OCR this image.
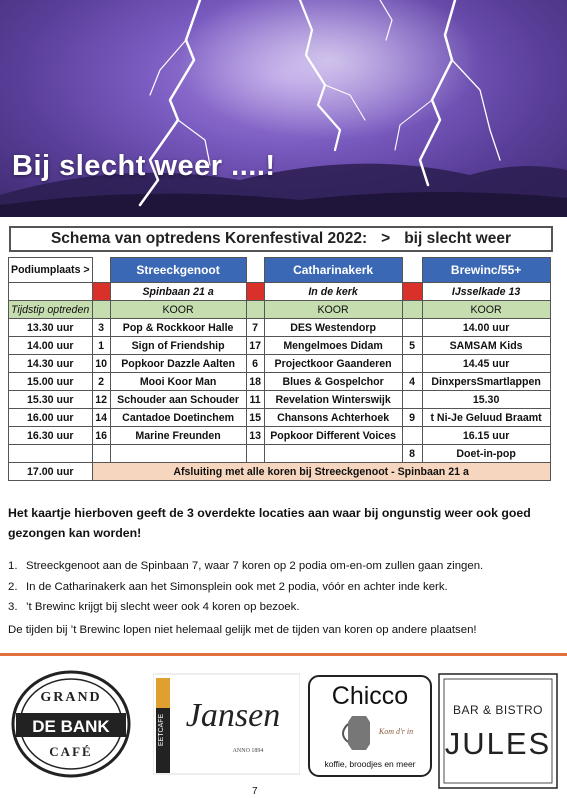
Bij slecht weer ....!
Schema van optredens Korenfestival 2022: > bij slecht weer
Podiumplaats >		Streeckgenoot		Catharinakerk		Brewinc/55+
		Spinbaan 21 a		In de kerk		IJsselkade 13
Tijdstip optreden		KOOR		KOOR		KOOR
13.30 uur	3	Pop & Rockkoor Halle	7	DES Westendorp		14.00 uur
14.00 uur	1	Sign of Friendship	17	Mengelmoes Didam	5	SAMSAM Kids
14.30 uur	10	Popkoor Dazzle Aalten	6	Projectkoor Gaanderen		14.45 uur
15.00 uur	2	Mooi Koor Man	18	Blues & Gospelchor	4	DinxpersSmartlappen
15.30 uur	12	Schouder aan Schouder	11	Revelation Winterswijk		15.30
16.00 uur	14	Cantadoe Doetinchem	15	Chansons Achterhoek	9	t Ni-Je Geluud Braamt
16.30 uur	16	Marine Freunden	13	Popkoor Different Voices		16.15 uur
					8	Doet-in-pop
17.00 uur	Afsluiting met alle koren bij Streeckgenoot - Spinbaan 21 a					
Het kaartje hierboven geeft de 3 overdekte locaties aan waar bij ongunstig weer ook goed gezongen kan worden!
1. Streeckgenoot aan de Spinbaan 7, waar 7 koren op 2 podia om-en-om zullen gaan zingen.
2. In de Catharinakerk aan het Simonsplein ook met 2 podia, vóór en achter inde kerk.
3. ’t Brewinc krijgt bij slecht weer ook 4 koren op bezoek.
De tijden bij ’t Brewinc lopen niet helemaal gelijk met de tijden van koren op andere plaatsen!
GRAND
DE BANK
CAFÉ
EETCAFE Jansen
ANNO 1894
Chicco
Kom d'r in
koffie, broodjes en meer
BAR & BISTRO
JULES
7
